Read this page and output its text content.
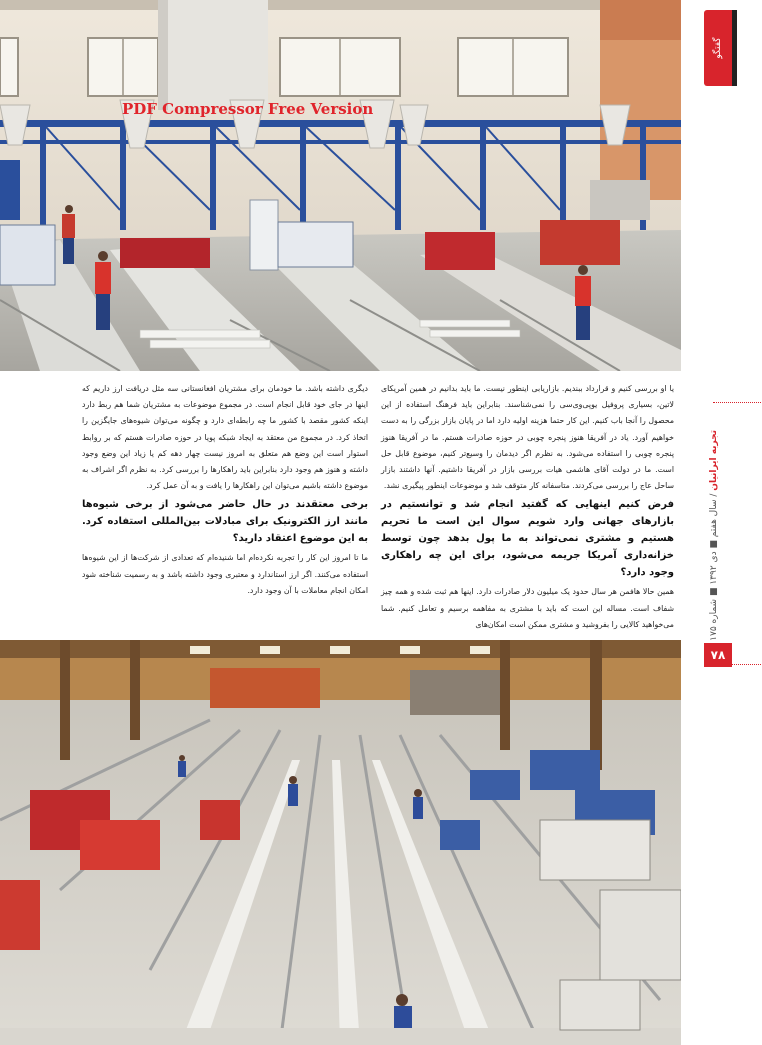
PDF Compressor Free Version
گفتگو
تجربه ایرانیان / سال هفتم ■ دی ۱۳۹۲ ■ شماره ۱۷۵
۷۸

یا او بررسی کنیم و قرارداد ببندیم. بازاریابی اینطور نیست. ما باید بدانیم در همین آمریکای لاتین، بسیاری پروفیل یوپی‌وی‌سی را نمی‌شناسند. بنابراین باید فرهنگ استفاده از این محصول را آنجا باب کنیم. این کار حتما هزینه اولیه دارد اما در پایان بازار بزرگی را به دست خواهیم آورد. یاد در آفریقا هنوز پنجره چوبی در حوزه صادرات هستم. ما در آفریقا هنوز پنجره چوبی را استفاده می‌شود. به نظرم اگر دیدمان را وسیع‌تر کنیم، موضوع قابل حل است. ما در دولت آقای هاشمی هیات بررسی بازار در آفریقا داشتیم. آنها داشتند بازار ساحل عاج را بررسی می‌کردند. متاسفانه کار متوقف شد و موضوعات اینطور پیگیری نشد.

فرض کنیم اینهایی که گفتید انجام شد و توانستیم در بازارهای جهانی وارد شویم سوال این است ما تحریم هستیم و مشتری نمی‌تواند به ما پول بدهد چون توسط خزانه‌داری آمریکا جریمه می‌شود، برای این چه راهکاری وجود دارد؟

همین حالا هافمن هر سال حدود یک میلیون دلار صادرات دارد. اینها هم ثبت شده و همه چیز شفاف است. مساله این است که باید با مشتری به مفاهمه برسیم و تعامل کنیم. شما می‌خواهید کالایی را بفروشید و مشتری ممکن است امکان‌های

دیگری داشته باشد. ما خودمان برای مشتریان افغانستانی سه مثل دریافت ارز داریم که اینها در جای خود قابل انجام است. در مجموع موضوعات به مشتریان شما هم ربط دارد اینکه کشور مقصد با کشور ما چه رابطه‌ای دارد و چگونه می‌توان شیوه‌های جایگزین را اتخاذ کرد. در مجموع من معتقد به ایجاد شبکه پویا در حوزه صادرات هستم که بر روابط استوار است این وضع هم متعلق به امروز نیست چهار دهه کم یا زیاد این وضع وجود داشته و هنوز هم وجود دارد بنابراین باید راهکارها را بررسی کرد. به نظرم اگر اشراف به موضوع داشته باشیم می‌توان این راهکارها را یافت و به آن عمل کرد.

برخی معتقدند در حال حاضر می‌شود از برخی شیوه‌ها مانند ارز الکترونیک برای مبادلات بین‌المللی استفاده کرد. به این موضوع اعتقاد دارید؟

ما تا امروز این کار را تجربه نکرده‌ام اما شنیده‌ام که تعدادی از شرکت‌ها از این شیوه‌ها استفاده می‌کنند. اگر ارز استاندارد و معتبری وجود داشته باشد و به رسمیت شناخته شود امکان انجام معاملات با آن وجود دارد.
